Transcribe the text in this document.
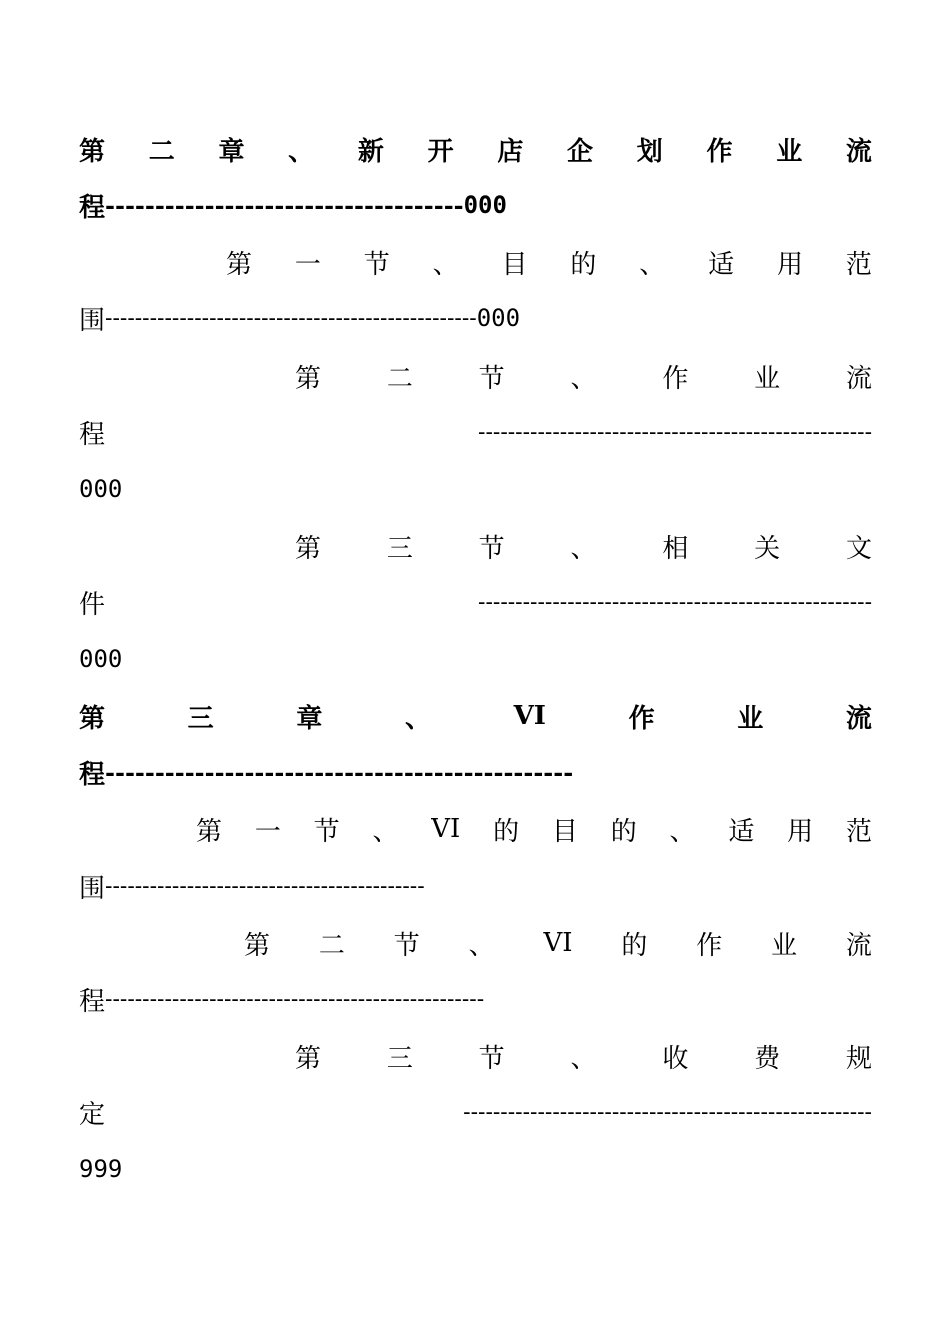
第 二 章 、 新 开 店 企 划 作 业 流
程 ------------------------------------ 000
第 一 节 、 目 的 、 适 用 范
围 -------------------------------------------------- 000
第	二	节	、	作	业	流
程	-----------------------------------------------------
000
第	三	节	、	相	关	文
件	-----------------------------------------------------
000
第	三	章	、	VI	作	业	流
程 -----------------------------------------------
第 一 节 、 VI 的 目 的 、 适 用 范
围 -------------------------------------------
第 二 节 、 VI 的 作 业 流
程 ---------------------------------------------------
第	三	节	、	收	费	规
定	-------------------------------------------------------
999
